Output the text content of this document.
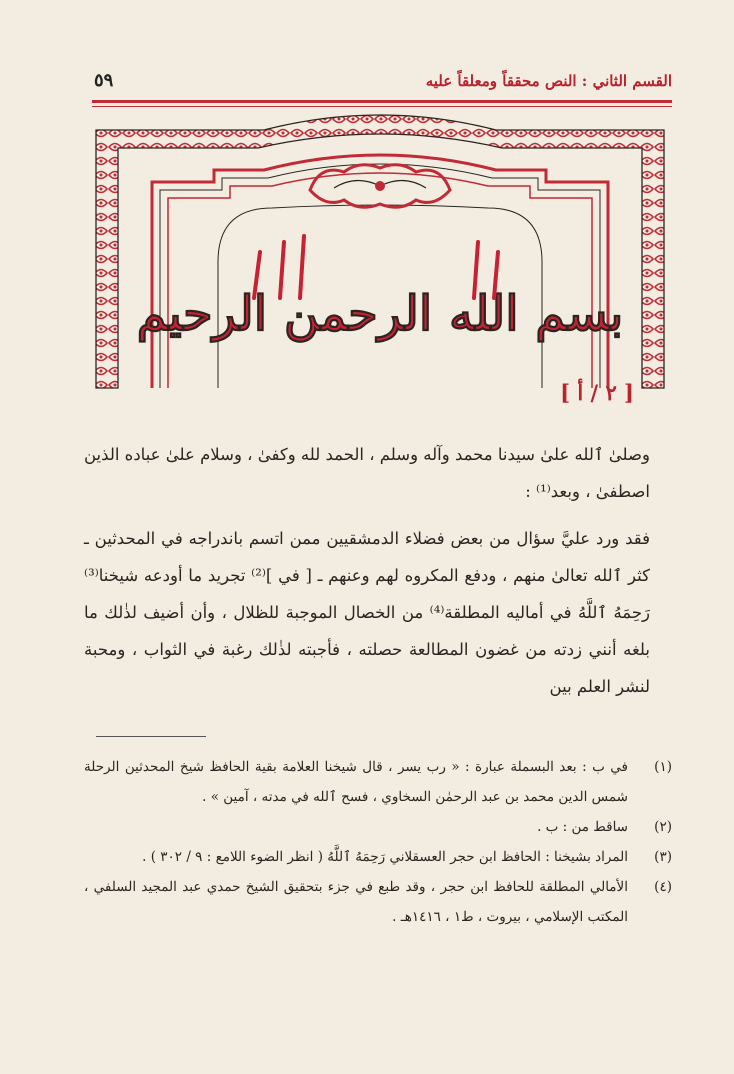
القسم الثاني : النص محققاً ومعلقاً عليه
٥٩
بسم الله الرحمن الرحيم
[ ٢ / أ ]

وصلىٰ ٱلله علىٰ سيدنا محمد وآله وسلم ، الحمد لله وكفىٰ ، وسلام علىٰ عباده الذين اصطفىٰ ، وبعد⁽¹⁾ :

فقد ورد عليَّ سؤال من بعض فضلاء الدمشقيين ممن اتسم باندراجه في المحدثين ـ كثر ٱلله تعالىٰ منهم ، ودفع المكروه لهم وعنهم ـ [ في ]⁽²⁾ تجريد ما أودعه شيخنا⁽³⁾ رَحِمَهُ ٱللَّهُ في أماليه المطلقة⁽⁴⁾ من الخصال الموجبة للظلال ، وأن أضيف لذٰلك ما بلغه أنني زدته من غضون المطالعة حصلته ، فأجبته لذٰلك رغبة في الثواب ، ومحبة لنشر العلم بين

(١)
في ب : بعد البسملة عبارة : « رب يسر ، قال شيخنا العلامة بقية الحافظ شيخ المحدثين الرحلة شمس الدين محمد بن عبد الرحمٰن السخاوي ، فسح ٱلله في مدته ، آمين » .
(٢)
ساقط من : ب .
(٣)
المراد بشيخنا : الحافظ ابن حجر العسقلاني رَحِمَهُ ٱللَّهُ ( انظر الضوء اللامع : ٩ / ٣٠٢ ) .
(٤)
الأمالي المطلقة للحافظ ابن حجر ، وقد طبع في جزء بتحقيق الشيخ حمدي عبد المجيد السلفي ، المكتب الإسلامي ، بيروت ، ط١ ، ١٤١٦هـ .
